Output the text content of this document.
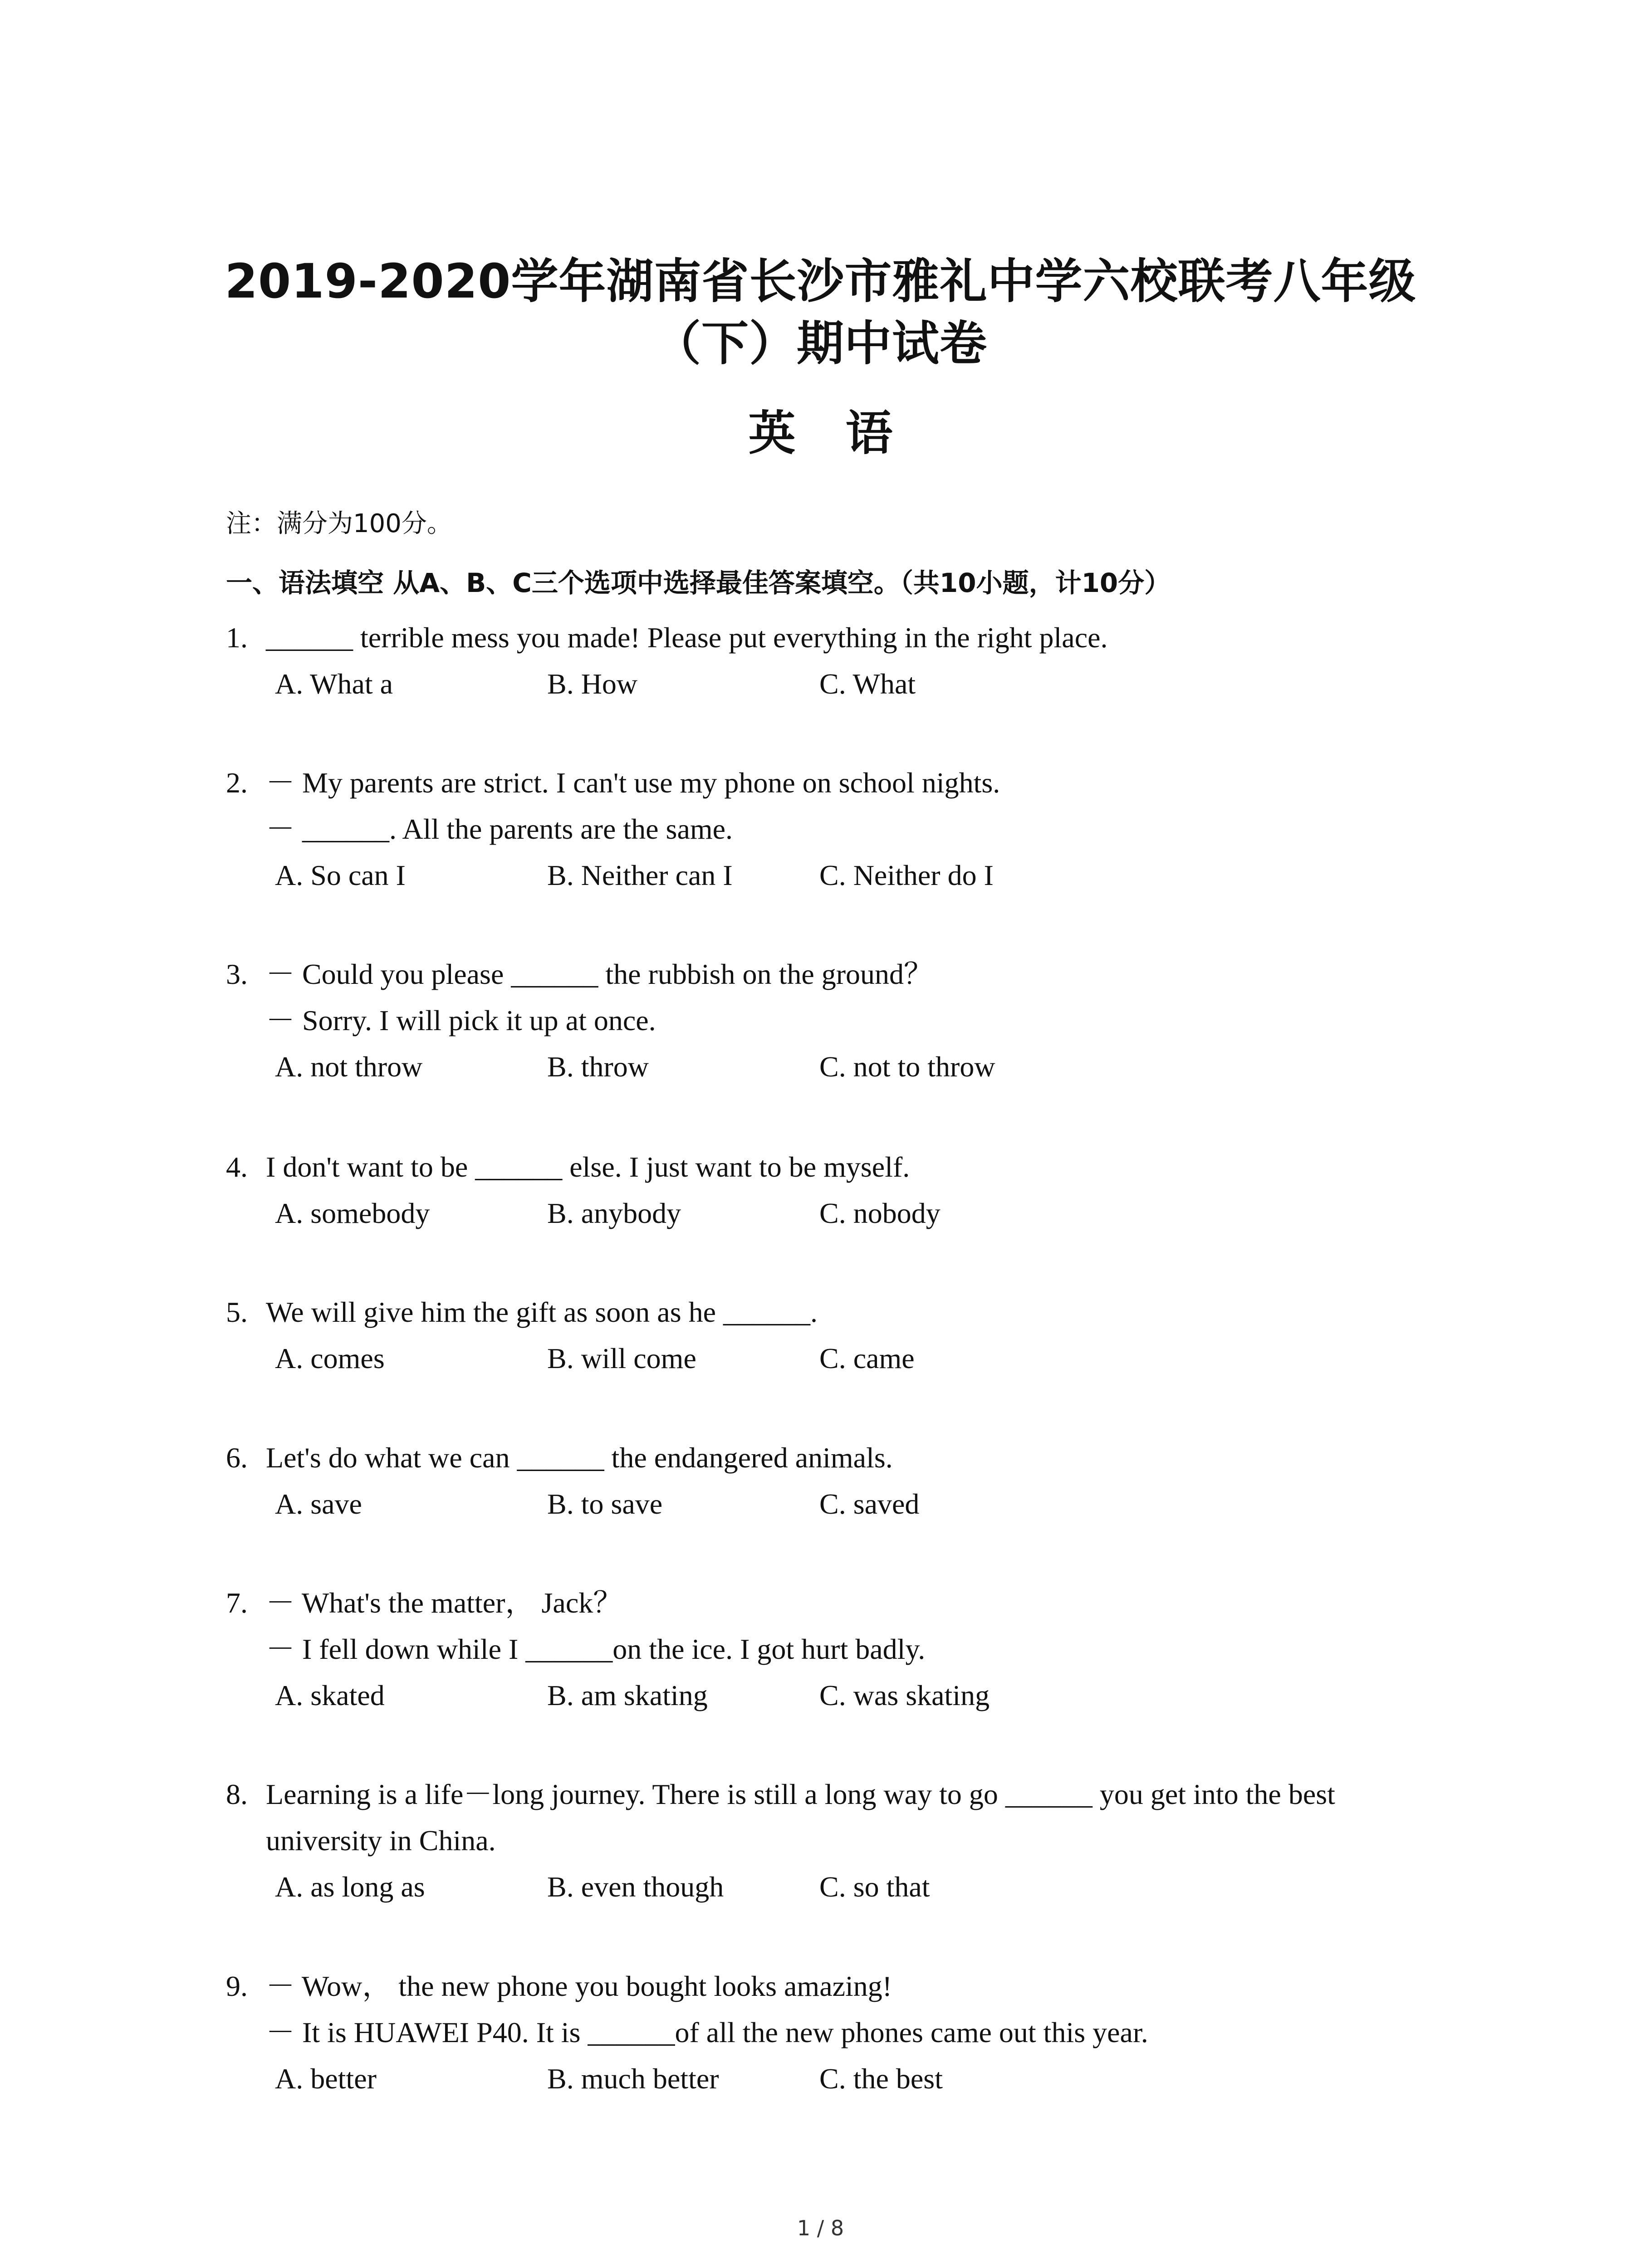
2019-2020学年湖南省长沙市雅礼中学六校联考八年级
（下）期中试卷
英语
注：满分为100分。
一、语法填空 从A、B、C三个选项中选择最佳答案填空。（共10小题，计10分）
1. ______ terrible mess you made! Please put everything in the right place.
A. What a	B. How	C. What
2. － My parents are strict. I can't use my phone on school nights.
－ ______. All the parents are the same.
A. So can I	B. Neither can I	C. Neither do I
3. － Could you please ______ the rubbish on the ground？
－ Sorry. I will pick it up at once.
A. not throw	B. throw	C. not to throw
4. I don't want to be ______ else. I just want to be myself.
A. somebody	B. anybody	C. nobody
5. We will give him the gift as soon as he ______.
A. comes	B. will come	C. came
6. Let's do what we can ______ the endangered animals.
A. save	B. to save	C. saved
7. － What's the matter， Jack？
－ I fell down while I ______on the ice. I got hurt badly.
A. skated	B. am skating	C. was skating
8. Learning is a life－long journey. There is still a long way to go ______ you get into the best
university in China.
A. as long as	B. even though	C. so that
9. － Wow， the new phone you bought looks amazing!
－ It is HUAWEI P40. It is ______of all the new phones came out this year.
A. better	B. much better	C. the best
1 / 8
